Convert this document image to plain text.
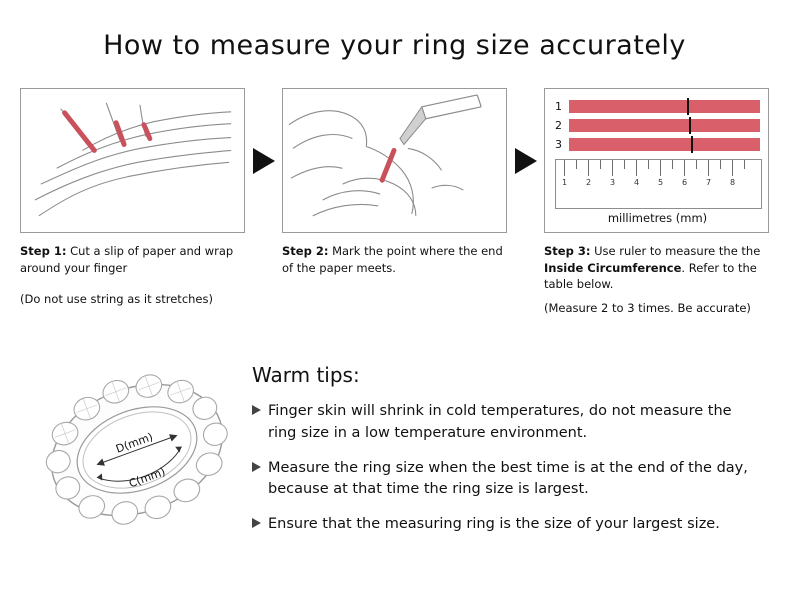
How to measure your ring size accurately
Step 1: Cut a slip of paper and wrap around your finger
(Do not use string as it stretches)
Step 2: Mark the point where the end of the paper meets.
1
2
3
1 2 3 4 5 6 7 8
millimetres (mm)
Step 3: Use ruler to measure the the Inside Circumference. Refer to the table below.
(Measure 2 to 3 times. Be accurate)
D(mm)
C(mm)
Warm tips:
Finger skin will shrink in cold temperatures, do not measure the ring size in a low temperature environment.
Measure the ring size when the best time is at the end of the day, because at that time the ring size is largest.
Ensure that the measuring ring is the size of your largest size.
